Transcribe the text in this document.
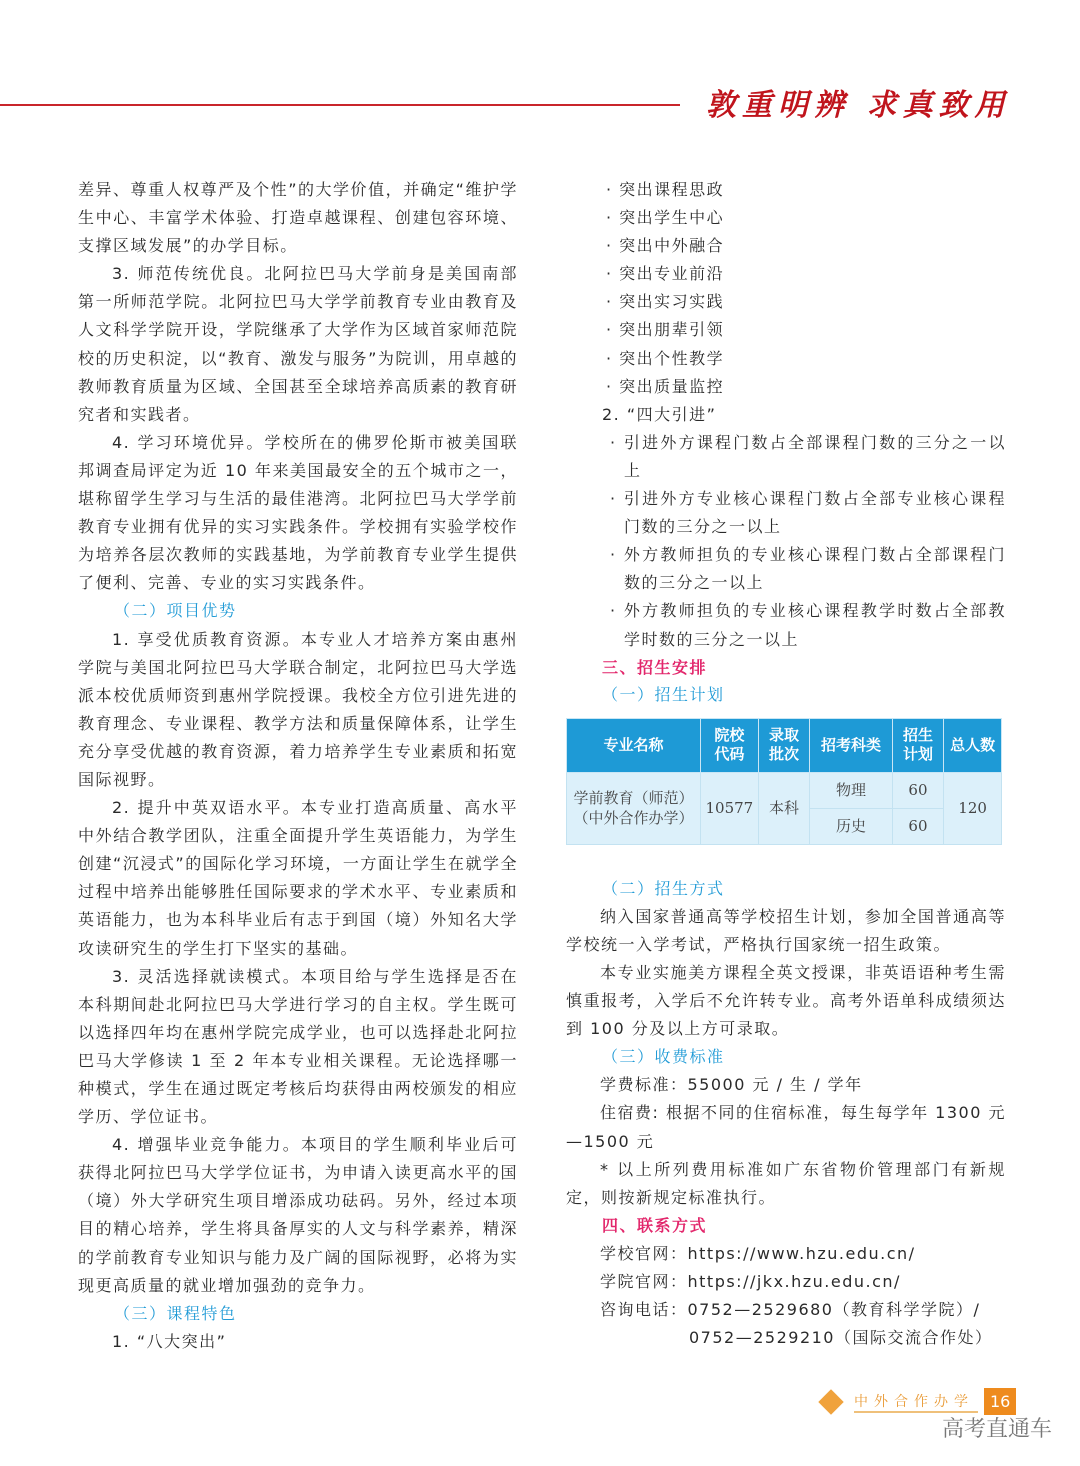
敦重明辨 求真致用

差异、尊重人权尊严及个性”的大学价值，并确定“维护学生中心、丰富学术体验、打造卓越课程、创建包容环境、支撑区域发展”的办学目标。

3. 师范传统优良。北阿拉巴马大学前身是美国南部第一所师范学院。北阿拉巴马大学学前教育专业由教育及人文科学学院开设，学院继承了大学作为区域首家师范院校的历史积淀，以“教育、激发与服务”为院训，用卓越的教师教育质量为区域、全国甚至全球培养高质素的教育研究者和实践者。

4. 学习环境优异。学校所在的佛罗伦斯市被美国联邦调查局评定为近 10 年来美国最安全的五个城市之一，堪称留学生学习与生活的最佳港湾。北阿拉巴马大学学前教育专业拥有优异的实习实践条件。学校拥有实验学校作为培养各层次教师的实践基地，为学前教育专业学生提供了便利、完善、专业的实习实践条件。

（二）项目优势

1. 享受优质教育资源。本专业人才培养方案由惠州学院与美国北阿拉巴马大学联合制定，北阿拉巴马大学选派本校优质师资到惠州学院授课。我校全方位引进先进的教育理念、专业课程、教学方法和质量保障体系，让学生充分享受优越的教育资源，着力培养学生专业素质和拓宽国际视野。

2. 提升中英双语水平。本专业打造高质量、高水平中外结合教学团队，注重全面提升学生英语能力，为学生创建“沉浸式”的国际化学习环境，一方面让学生在就学全过程中培养出能够胜任国际要求的学术水平、专业素质和英语能力，也为本科毕业后有志于到国（境）外知名大学攻读研究生的学生打下坚实的基础。

3. 灵活选择就读模式。本项目给与学生选择是否在本科期间赴北阿拉巴马大学进行学习的自主权。学生既可以选择四年均在惠州学院完成学业，也可以选择赴北阿拉巴马大学修读 1 至 2 年本专业相关课程。无论选择哪一种模式，学生在通过既定考核后均获得由两校颁发的相应学历、学位证书。

4. 增强毕业竞争能力。本项目的学生顺利毕业后可获得北阿拉巴马大学学位证书，为申请入读更高水平的国（境）外大学研究生项目增添成功砝码。另外，经过本项目的精心培养，学生将具备厚实的人文与科学素养，精深的学前教育专业知识与能力及广阔的国际视野，必将为实现更高质量的就业增加强劲的竞争力。

（三）课程特色

1. “八大突出”

· 突出课程思政

· 突出学生中心

· 突出中外融合

· 突出专业前沿

· 突出实习实践

· 突出朋辈引领

· 突出个性教学

· 突出质量监控

2. “四大引进”

· 引进外方课程门数占全部课程门数的三分之一以上

· 引进外方专业核心课程门数占全部专业核心课程门数的三分之一以上

· 外方教师担负的专业核心课程门数占全部课程门数的三分之一以上

· 外方教师担负的专业核心课程教学时数占全部教学时数的三分之一以上

三、招生安排

（一）招生计划

专业名称	院校代码	录取批次	招考科类	招生计划	总人数
学前教育（师范）（中外合作办学）	10577	本科	物理	60	120
			历史	60	

（二）招生方式

纳入国家普通高等学校招生计划，参加全国普通高等学校统一入学考试，严格执行国家统一招生政策。

本专业实施美方课程全英文授课，非英语语种考生需慎重报考，入学后不允许转专业。高考外语单科成绩须达到 100 分及以上方可录取。

（三）收费标准

学费标准：55000 元 / 生 / 学年

住宿费: 根据不同的住宿标准，每生每学年 1300 元—1500 元

* 以上所列费用标准如广东省物价管理部门有新规定，则按新规定标准执行。

四、联系方式

学校官网：https://www.hzu.edu.cn/

学院官网：https://jkx.hzu.edu.cn/

咨询电话：0752—2529680（教育科学学院）/

0752—2529210（国际交流合作处）

中外合作办学	16
高考直通车
